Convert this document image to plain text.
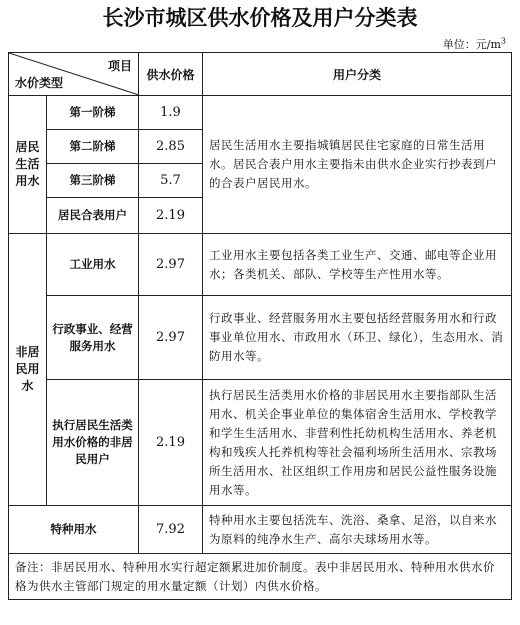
长沙市城区供水价格及用户分类表
单位：元$/m^3$
项目
水价类型		供水价格	用户分类

居民生活用水	第一阶梯	1.9	居民生活用水主要指城镇居民住宅家庭的日常生活用水。居民合表户用水主要指未由供水企业实行抄表到户的合表户居民用水。
	第二阶梯	2.85	
	第三阶梯	5.7	
	居民合表用户	2.19	

非居民用水	工业用水	2.97	工业用水主要包括各类工业生产、交通、邮电等企业用水；各类机关、部队、学校等生产性用水等。
	行政事业、经营服务用水	2.97	行政事业、经营服务用水主要包括经营服务用水和行政事业单位用水、市政用水（环卫、绿化），生态用水、消防用水等。
	执行居民生活类用水价格的非居民用户	2.19	执行居民生活类用水价格的非居民用水主要指部队生活用水、机关企事业单位的集体宿舍生活用水、学校教学和学生生活用水、非营利性托幼机构生活用水、养老机构和残疾人托养机构等社会福利场所生活用水、宗教场所生活用水、社区组织工作用房和居民公益性服务设施用水等。
特种用水		7.92	特种用水主要包括洗车、洗浴、桑拿、足浴，以自来水为原料的纯净水生产、高尔夫球场用水等。
备注：非居民用水、特种用水实行超定额累进加价制度。表中非居民用水、特种用水供水价格为供水主管部门规定的用水量定额（计划）内供水价格。			
